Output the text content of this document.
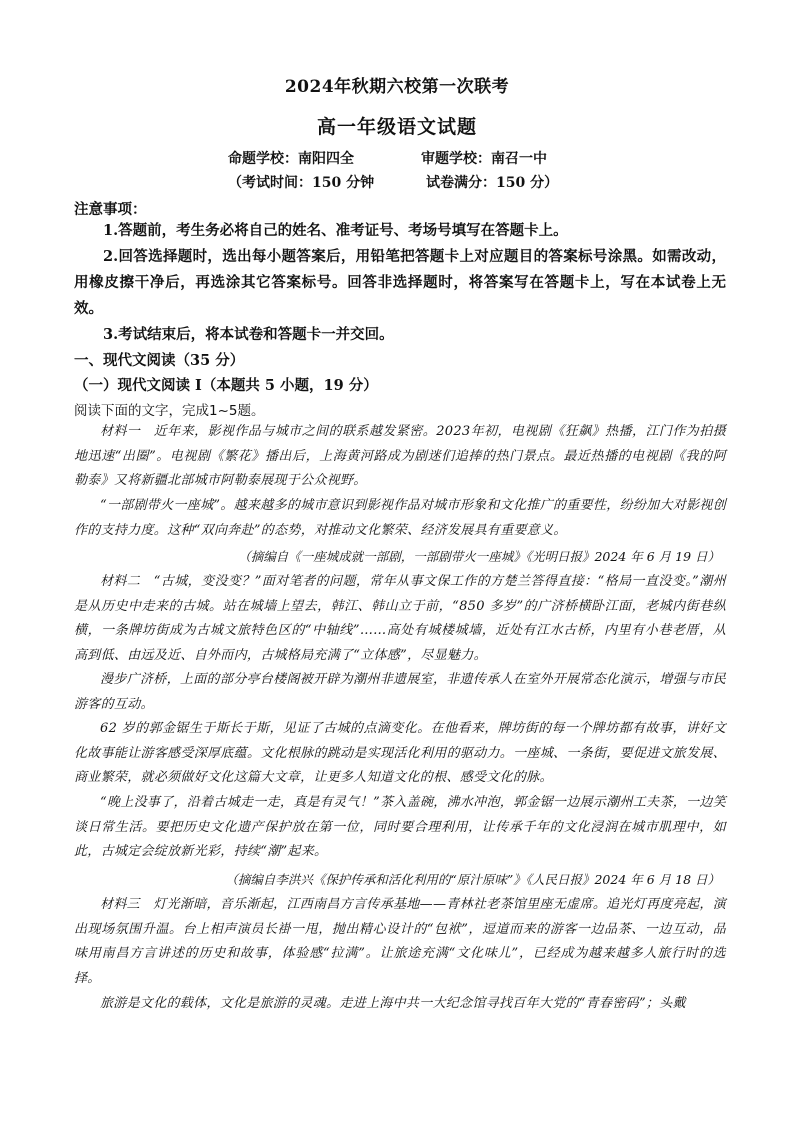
2024年秋期六校第一次联考
高一年级语文试题
命题学校：南阳四全	审题学校：南召一中
（考试时间：150 分钟	试卷满分：150 分）
注意事项：
1.答题前，考生务必将自己的姓名、准考证号、考场号填写在答题卡上。
2.回答选择题时，选出每小题答案后，用铅笔把答题卡上对应题目的答案标号涂黑。如需改动，用橡皮擦干净后，再选涂其它答案标号。回答非选择题时，将答案写在答题卡上，写在本试卷上无效。
3.考试结束后，将本试卷和答题卡一并交回。
一、现代文阅读（35 分）
（一）现代文阅读 I（本题共 5 小题，19 分）
阅读下面的文字，完成1~5题。
材料一　近年来，影视作品与城市之间的联系越发紧密。2023年初，电视剧《狂飙》热播，江门作为拍摄地迅速“出圈”。电视剧《繁花》播出后，上海黄河路成为剧迷们追捧的热门景点。最近热播的电视剧《我的阿勒泰》又将新疆北部城市阿勒泰展现于公众视野。
“一部剧带火一座城”。越来越多的城市意识到影视作品对城市形象和文化推广的重要性，纷纷加大对影视创作的支持力度。这种“双向奔赴”的态势，对推动文化繁荣、经济发展具有重要意义。
（摘编自《一座城成就一部剧，一部剧带火一座城》《光明日报》2024 年 6 月 19 日）
材料二　“古城，变没变？”面对笔者的问题，常年从事文保工作的方楚兰答得直接：“格局一直没变。”潮州是从历史中走来的古城。站在城墙上望去，韩江、韩山立于前，“850 多岁”的广济桥横卧江面，老城内街巷纵横，一条牌坊街成为古城文旅特色区的“中轴线”……高处有城楼城墙，近处有江水古桥，内里有小巷老厝，从高到低、由远及近、自外而内，古城格局充满了“立体感”，尽显魅力。
漫步广济桥，上面的部分亭台楼阁被开辟为潮州非遗展室，非遗传承人在室外开展常态化演示，增强与市民游客的互动。
62 岁的郭金锯生于斯长于斯，见证了古城的点滴变化。在他看来，牌坊街的每一个牌坊都有故事，讲好文化故事能让游客感受深厚底蕴。文化根脉的跳动是实现活化利用的驱动力。一座城、一条街，要促进文旅发展、商业繁荣，就必须做好文化这篇大文章，让更多人知道文化的根、感受文化的脉。
“晚上没事了，沿着古城走一走，真是有灵气！”茶入盖碗，沸水冲泡，郭金锯一边展示潮州工夫茶，一边笑谈日常生活。要把历史文化遗产保护放在第一位，同时要合理利用，让传承千年的文化浸润在城市肌理中，如此，古城定会绽放新光彩，持续“潮”起来。
（摘编自李洪兴《保护传承和活化利用的“原汁原味”》《人民日报》2024 年 6 月 18 日）
材料三　灯光渐暗，音乐渐起，江西南昌方言传承基地——青林社老茶馆里座无虚席。追光灯再度亮起，演出现场氛围升温。台上相声演员长褂一甩，抛出精心设计的“包袱”，逗道而来的游客一边品茶、一边互动，品味用南昌方言讲述的历史和故事，体验感“拉满”。让旅途充满“文化味儿”，已经成为越来越多人旅行时的选择。
旅游是文化的载体，文化是旅游的灵魂。走进上海中共一大纪念馆寻找百年大党的“青春密码”；头戴
